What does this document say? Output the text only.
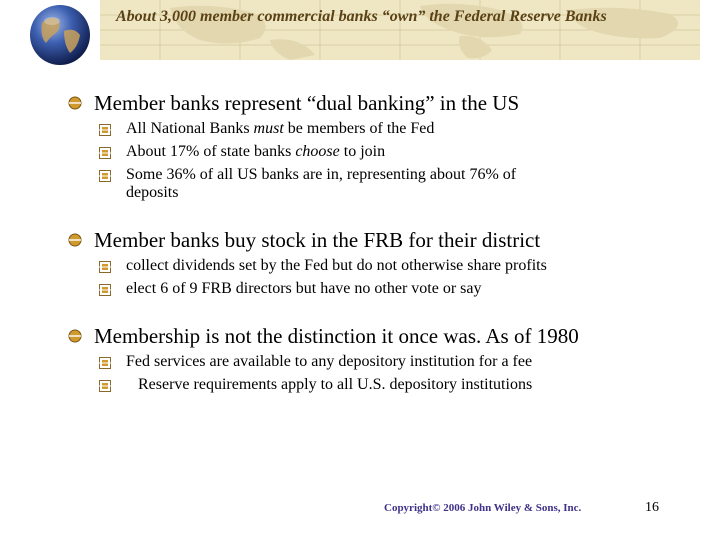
About 3,000 member commercial banks “own” the Federal Reserve Banks
Member banks represent “dual banking” in the US
All National Banks must be members of the Fed
About 17% of state banks choose to join
Some 36% of all US banks are in, representing about 76% of
deposits
Member banks buy stock in the FRB for their district
collect dividends set by the Fed but do not otherwise share profits
elect 6 of 9 FRB directors but have no other vote or say
Membership is not the distinction it once was. As of 1980
Fed services are available to any depository institution for a fee
Reserve requirements apply to all U.S. depository institutions
Copyright© 2006 John Wiley & Sons, Inc.	16
